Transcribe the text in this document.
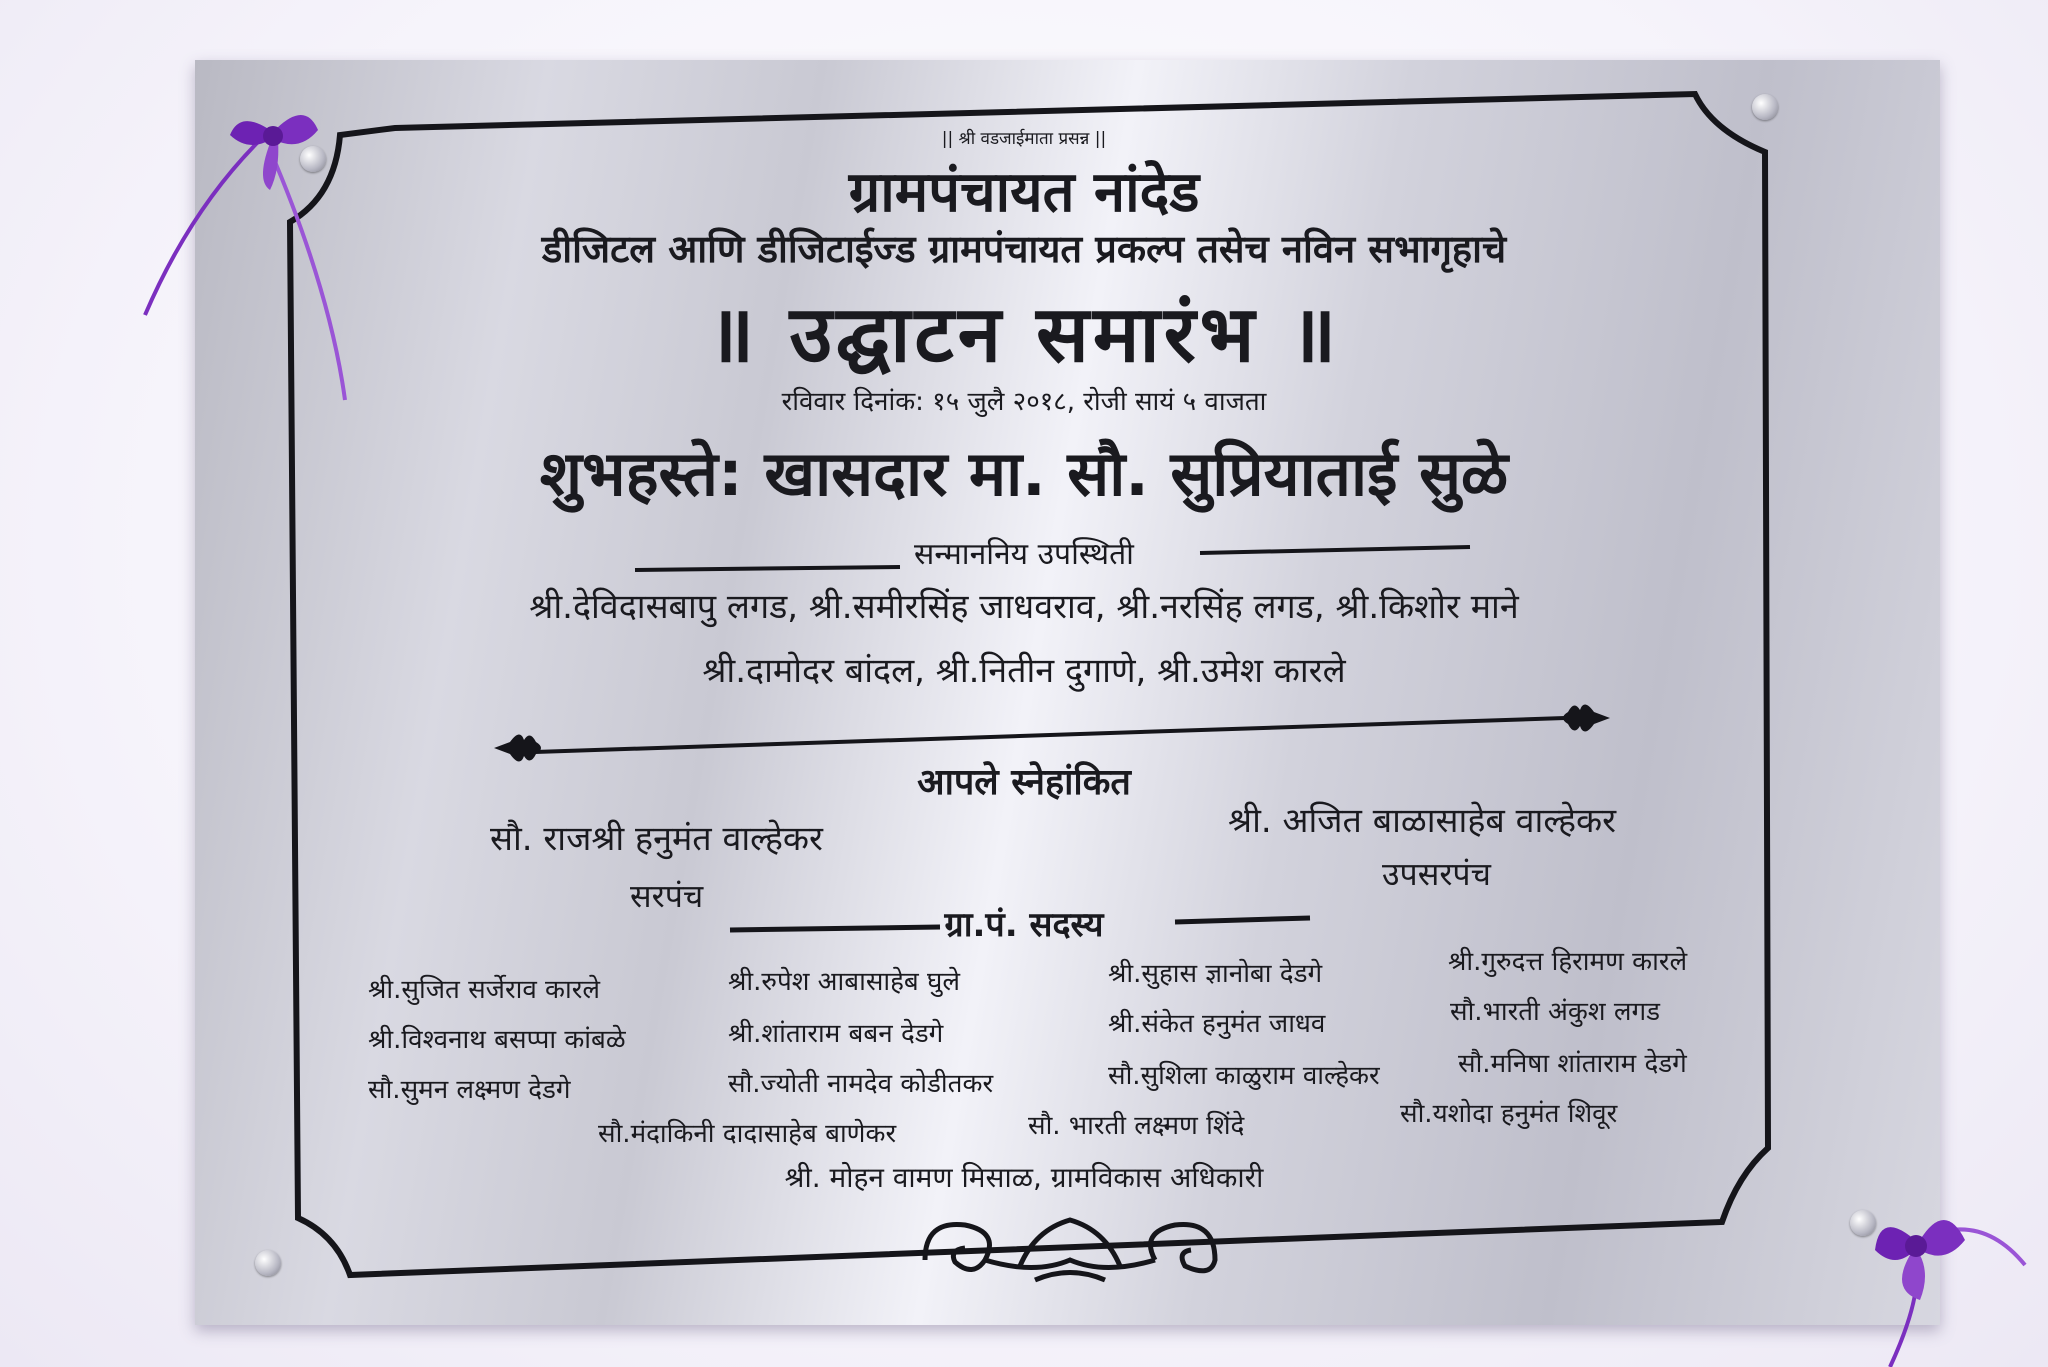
|| श्री वडजाईमाता प्रसन्न ||
ग्रामपंचायत नांदेड
डीजिटल आणि डीजिटाईज्ड ग्रामपंचायत प्रकल्प तसेच नविन सभागृहाचे
॥ उद्घाटन समारंभ ॥
रविवार दिनांक: १५ जुलै २०१८, रोजी सायं ५ वाजता
शुभहस्ते: खासदार मा. सौ. सुप्रियाताई सुळे
सन्माननिय उपस्थिती
श्री.देविदासबापु लगड, श्री.समीरसिंह जाधवराव, श्री.नरसिंह लगड, श्री.किशोर माने
श्री.दामोदर बांदल, श्री.नितीन दुगाणे, श्री.उमेश कारले
आपले स्नेहांकित
सौ. राजश्री हनुमंत वाल्हेकर
सरपंच
श्री. अजित बाळासाहेब वाल्हेकर
उपसरपंच
ग्रा.पं. सदस्य
श्री.सुजित सर्जेराव कारले	श्री.रुपेश आबासाहेब घुले	श्री.सुहास ज्ञानोबा देडगे	श्री.गुरुदत्त हिरामण कारले
श्री.विश्वनाथ बसप्पा कांबळे	श्री.शांताराम बबन देडगे	श्री.संकेत हनुमंत जाधव	सौ.भारती अंकुश लगड
सौ.सुमन लक्ष्मण देडगे	सौ.ज्योती नामदेव कोडीतकर	सौ.सुशिला काळुराम वाल्हेकर	सौ.मनिषा शांताराम देडगे
सौ.मंदाकिनी दादासाहेब बाणेकर	सौ. भारती लक्ष्मण शिंदे	सौ.यशोदा हनुमंत शिवूर
श्री. मोहन वामण मिसाळ, ग्रामविकास अधिकारी
